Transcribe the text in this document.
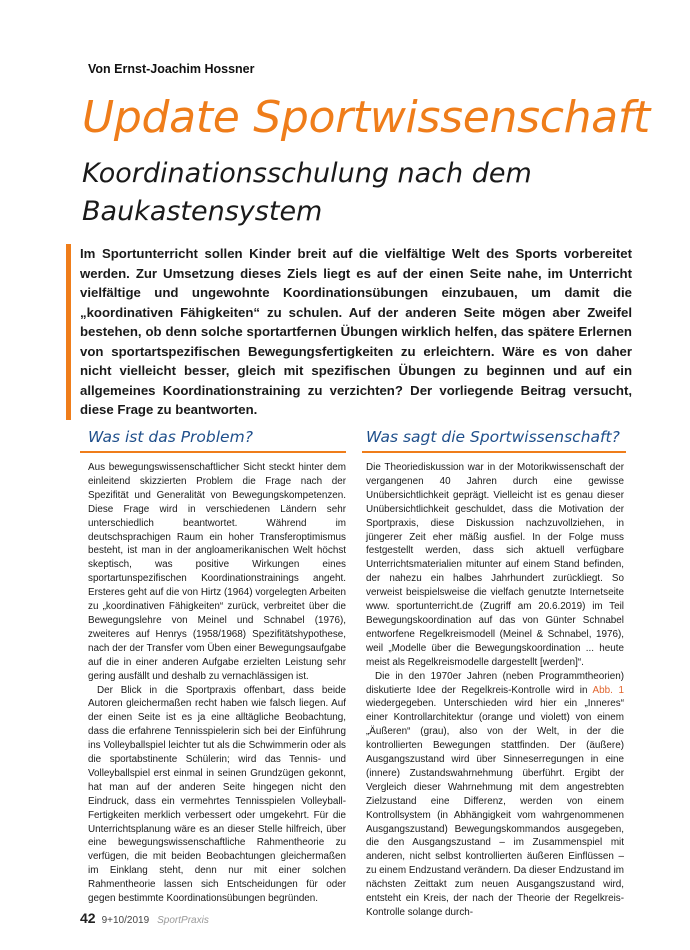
Von Ernst-Joachim Hossner
Update Sportwissenschaft
Koordinationsschulung nach dem
Baukastensystem

Im Sportunterricht sollen Kinder breit auf die vielfältige Welt des Sports vorbereitet werden. Zur Umsetzung dieses Ziels liegt es auf der einen Seite nahe, im Unterricht vielfältige und ungewohnte Koordinationsübungen einzubauen, um damit die „koordinativen Fähigkeiten“ zu schulen. Auf der anderen Seite mögen aber Zweifel bestehen, ob denn solche sportartfernen Übungen wirklich helfen, das spätere Erlernen von sportartspezifischen Bewegungsfertigkeiten zu erleichtern. Wäre es von daher nicht vielleicht besser, gleich mit spezifischen Übungen zu beginnen und auf ein allgemeines Koordinationstraining zu verzichten? Der vorliegende Beitrag versucht, diese Frage zu beantworten.

Was ist das Problem?	Was sagt die Sportwissenschaft?

Aus bewegungswissenschaftlicher Sicht steckt hinter dem einleitend skizzierten Problem die Frage nach der Spezifität und Generalität von Bewegungskompetenzen. Diese Frage wird in verschiedenen Ländern sehr unterschiedlich beantwortet. Während im deutschsprachigen Raum ein hoher Transferoptimismus besteht, ist man in der angloamerikanischen Welt höchst skeptisch, was positive Wirkungen eines sportartunspezifischen Koordinationstrainings angeht. Ersteres geht auf die von Hirtz (1964) vorgelegten Arbeiten zu „koordinativen Fähigkeiten“ zurück, verbreitet über die Bewegungslehre von Meinel und Schnabel (1976), zweiteres auf Henrys (1958/1968) Spezifitätshypothese, nach der der Transfer vom Üben einer Bewegungsaufgabe auf die in einer anderen Aufgabe erzielten Leistung sehr gering ausfällt und deshalb zu vernachlässigen ist.

Der Blick in die Sportpraxis offenbart, dass beide Autoren gleichermaßen recht haben wie falsch liegen. Auf der einen Seite ist es ja eine alltägliche Beobachtung, dass die erfahrene Tennisspielerin sich bei der Einführung ins Volleyballspiel leichter tut als die Schwimmerin oder als die sportabstinente Schülerin; wird das Tennis- und Volleyballspiel erst einmal in seinen Grundzügen gekonnt, hat man auf der anderen Seite hingegen nicht den Eindruck, dass ein vermehrtes Tennisspielen Volleyball-Fertigkeiten merklich verbessert oder umgekehrt. Für die Unterrichtsplanung wäre es an dieser Stelle hilfreich, über eine bewegungswissenschaftliche Rahmentheorie zu verfügen, die mit beiden Beobachtungen gleichermaßen im Einklang steht, denn nur mit einer solchen Rahmentheorie lassen sich Entscheidungen für oder gegen bestimmte Koordinationsübungen begründen.

Die Theoriediskussion war in der Motorikwissenschaft der vergangenen 40 Jahren durch eine gewisse Unübersichtlichkeit geprägt. Vielleicht ist es genau dieser Unübersichtlichkeit geschuldet, dass die Motivation der Sportpraxis, diese Diskussion nachzuvollziehen, in jüngerer Zeit eher mäßig ausfiel. In der Folge muss festgestellt werden, dass sich aktuell verfügbare Unterrichtsmaterialien mitunter auf einem Stand befinden, der nahezu ein halbes Jahrhundert zurückliegt. So verweist beispielsweise die vielfach genutzte Internetseite www. sportunterricht.de (Zugriff am 20.6.2019) im Teil Bewegungskoordination auf das von Günter Schnabel entworfene Regelkreismodell (Meinel & Schnabel, 1976), weil „Modelle über die Bewegungskoordination ... heute meist als Regelkreismodelle dargestellt [werden]“.

Die in den 1970er Jahren (neben Programmtheorien) diskutierte Idee der Regelkreis-Kontrolle wird in Abb. 1 wiedergegeben. Unterschieden wird hier ein „Inneres“ einer Kontrollarchitektur (orange und violett) von einem „Äußeren“ (grau), also von der Welt, in der die kontrollierten Bewegungen stattfinden. Der (äußere) Ausgangszustand wird über Sinneserregungen in eine (innere) Zustandswahrnehmung überführt. Ergibt der Vergleich dieser Wahrnehmung mit dem angestrebten Zielzustand eine Differenz, werden von einem Kontrollsystem (in Abhängigkeit vom wahrgenommenen Ausgangszustand) Bewegungskommandos ausgegeben, die den Ausgangszustand – im Zusammenspiel mit anderen, nicht selbst kontrollierten äußeren Einflüssen – zu einem Endzustand verändern. Da dieser Endzustand im nächsten Zeittakt zum neuen Ausgangszustand wird, entsteht ein Kreis, der nach der Theorie der Regelkreis-Kontrolle solange durch-

42 9+10/2019 SportPraxis
